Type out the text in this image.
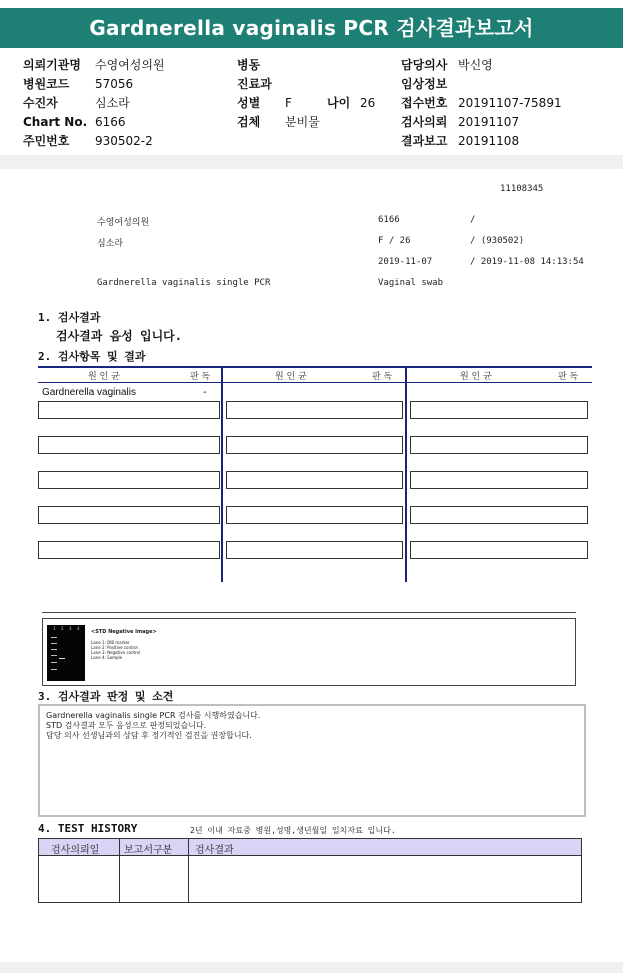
Gardnerella vaginalis PCR 검사결과보고서
의뢰기관명 수영여성의원
병원코드 57056
수진자	심소라
Chart No. 6166
주민번호 930502-2
병동
진료과
성별 F	나이 26
검체 분비물
담당의사 박신영
임상정보
접수번호 20191107-75891
검사의뢰 20191107
결과보고 20191108
11108345
수영여성의원	6166	/
심소라	F / 26	/ (930502)
2019-11-07	/ 2019-11-08 14:13:54
Gardnerella vaginalis single PCR	Vaginal swab
1. 검사결과
검사결과 음성 입니다.
2. 검사항목 및 결과
원 인 균	판 독	원 인 균	판 독	원 인 균	판 독
Gardnerella vaginalis	-
1 2 3 4
<STD Negative Image>

Lane 1: DIB marker
Lane 2: Positive control
Lane 3: Negative control
Lane 4: Sample
3. 검사결과 판정 및 소견
Gardnerella vaginalis single PCR 검사를 시행하였습니다.
STD 검사결과 모두 음성으로 판정되었습니다.
담당 의사 선생님과의 상담 후 정기적인 검진을 권장합니다.
4. TEST HISTORY	2년 이내 자료중 병원,성명,생년월일 일치자료 입니다.
검사의뢰일 보고서구분 검사결과
